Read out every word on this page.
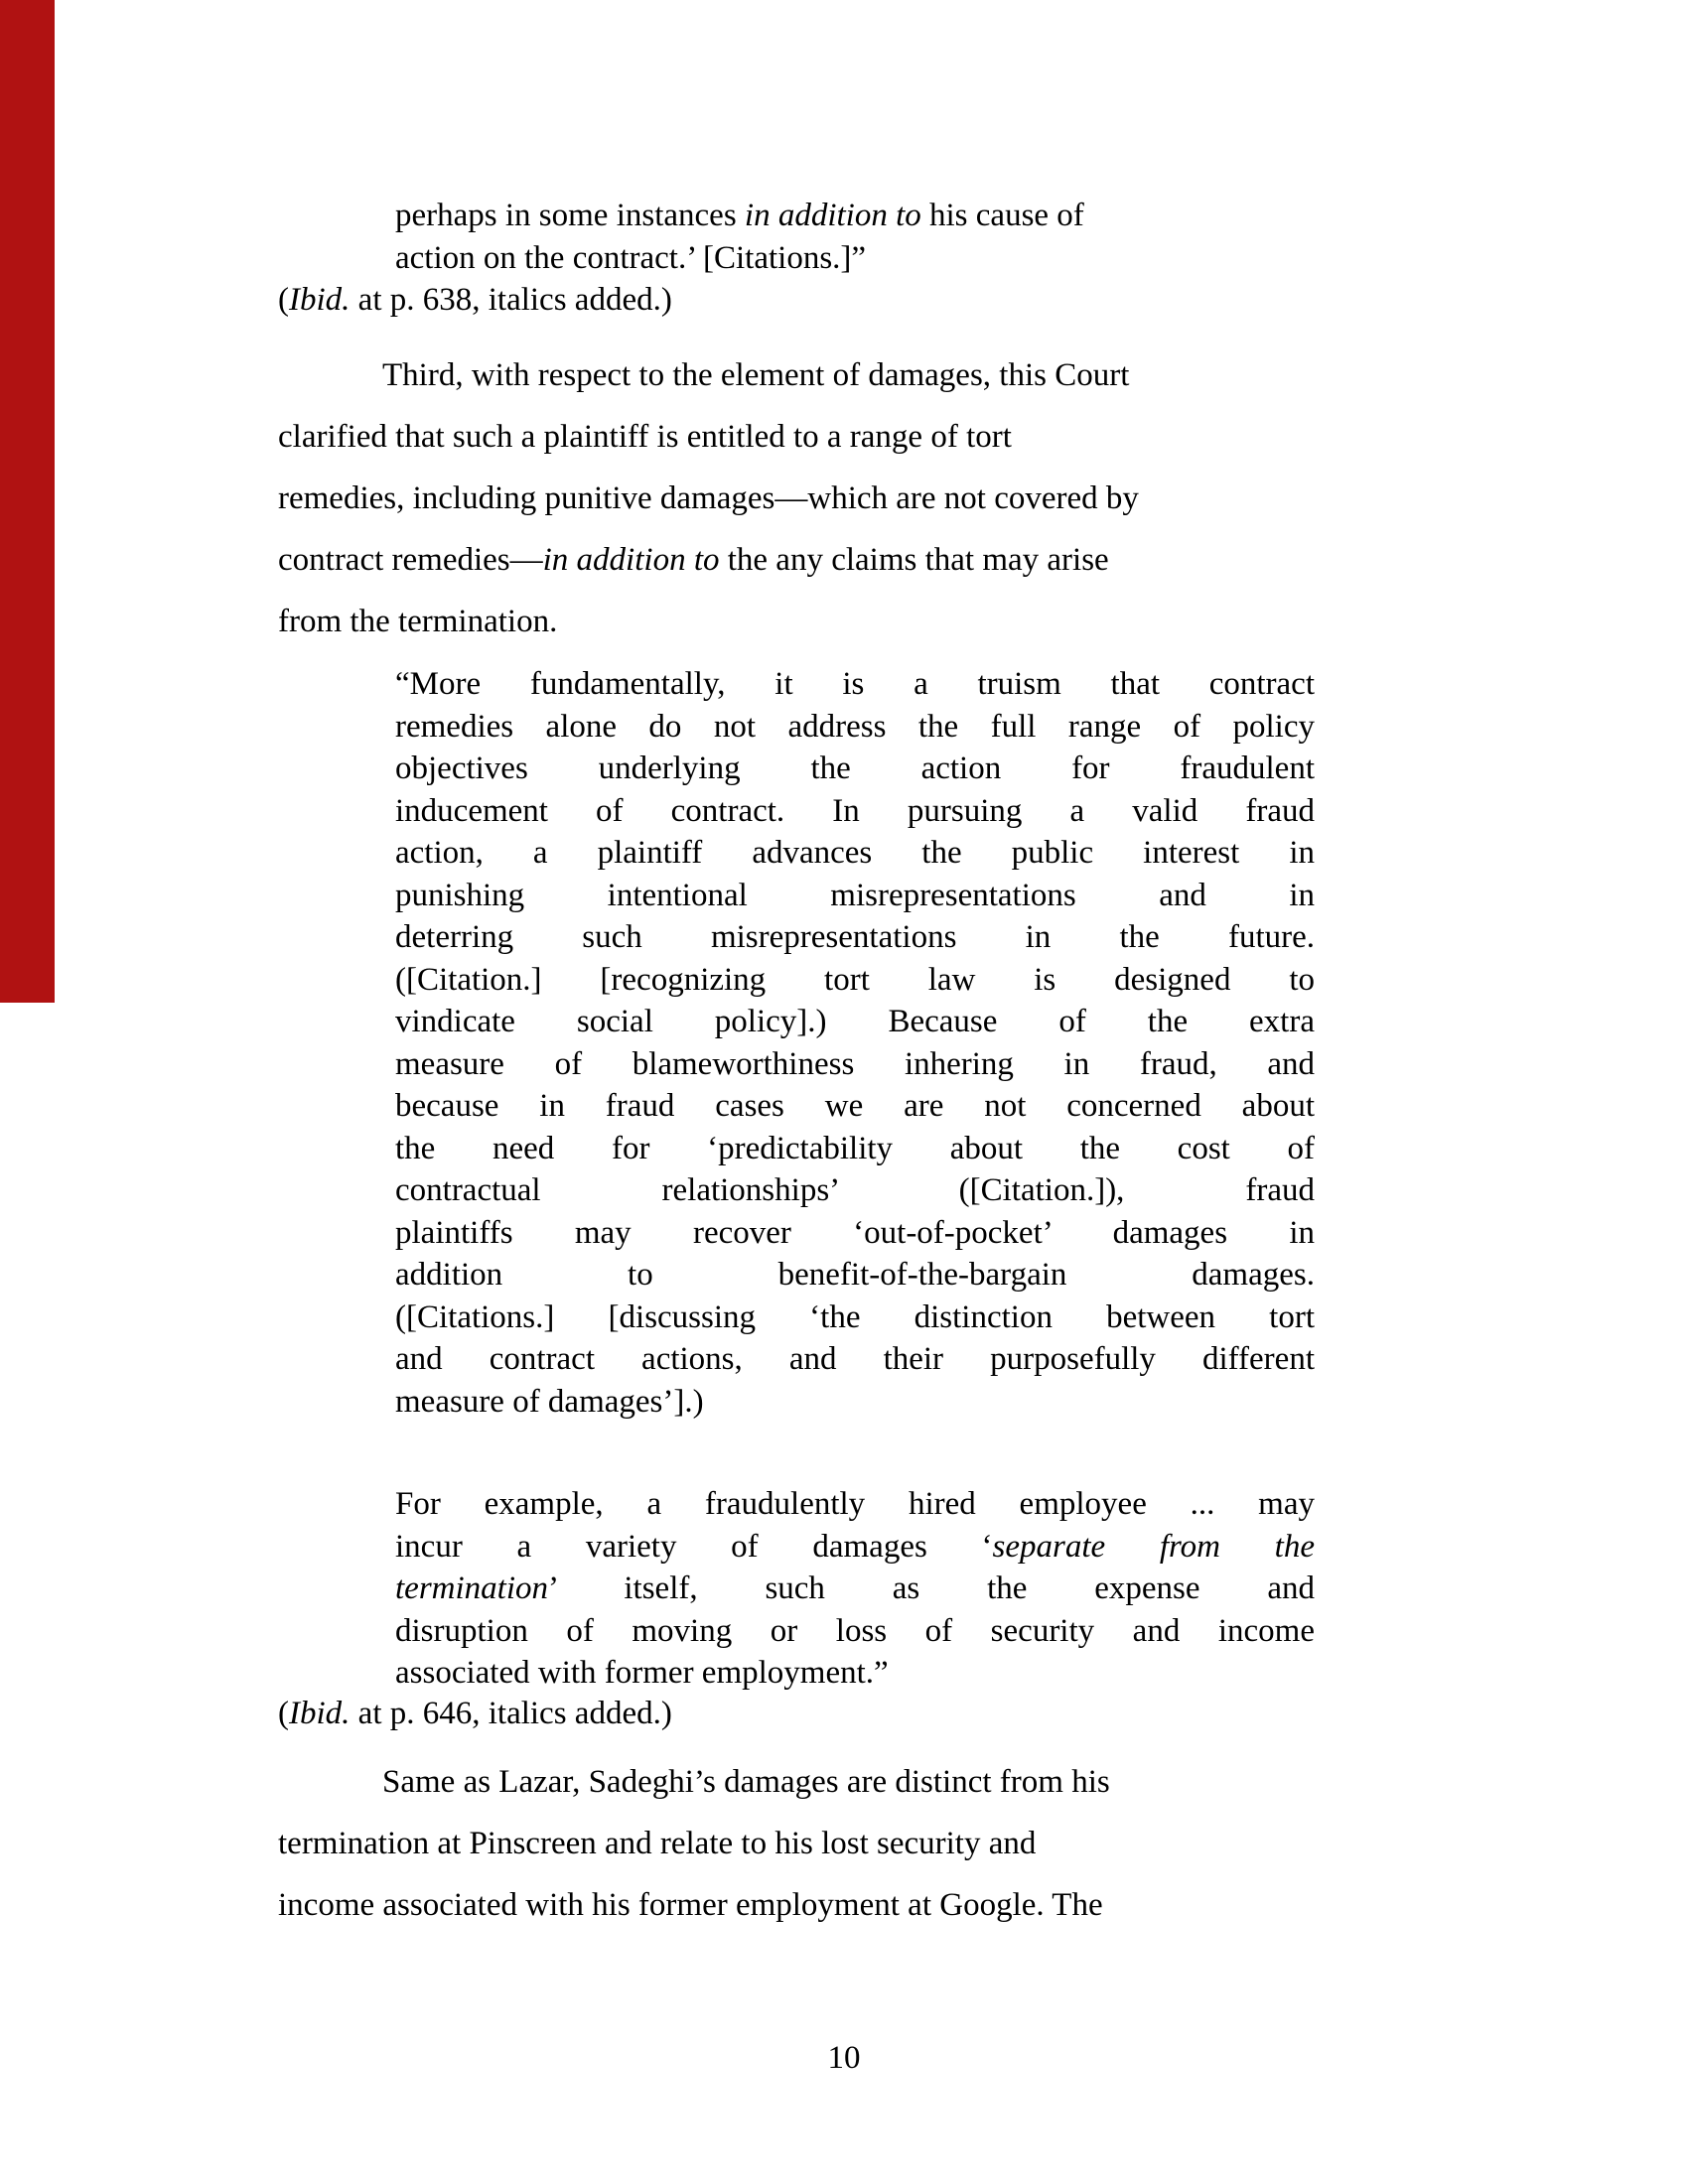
perhaps in some instances in addition to his cause of
action on the contract.’ [Citations.]”

(Ibid. at p. 638, italics added.)

Third, with respect to the element of damages, this Court
clarified that such a plaintiff is entitled to a range of tort
remedies, including punitive damages—which are not covered by
contract remedies—in addition to the any claims that may arise
from the termination.
“More fundamentally, it is a truism that contract
remedies alone do not address the full range of policy
objectives underlying the action for fraudulent
inducement of contract. In pursuing a valid fraud
action, a plaintiff advances the public interest in
punishing intentional misrepresentations and in
deterring such misrepresentations in the future.
([Citation.] [recognizing tort law is designed to
vindicate social policy].) Because of the extra
measure of blameworthiness inhering in fraud, and
because in fraud cases we are not concerned about
the need for ‘predictability about the cost of
contractual relationships’ ([Citation.]), fraud
plaintiffs may recover ‘out-of-pocket’ damages in
addition to benefit-of-the-bargain damages.
([Citations.] [discussing ‘the distinction between tort
and contract actions, and their purposefully different
measure of damages’].)
For example, a fraudulently hired employee ... may
incur a variety of damages ‘separate from the
termination’ itself, such as the expense and
disruption of moving or loss of security and income
associated with former employment.”

(Ibid. at p. 646, italics added.)

Same as Lazar, Sadeghi’s damages are distinct from his
termination at Pinscreen and relate to his lost security and
income associated with his former employment at Google. The
10
